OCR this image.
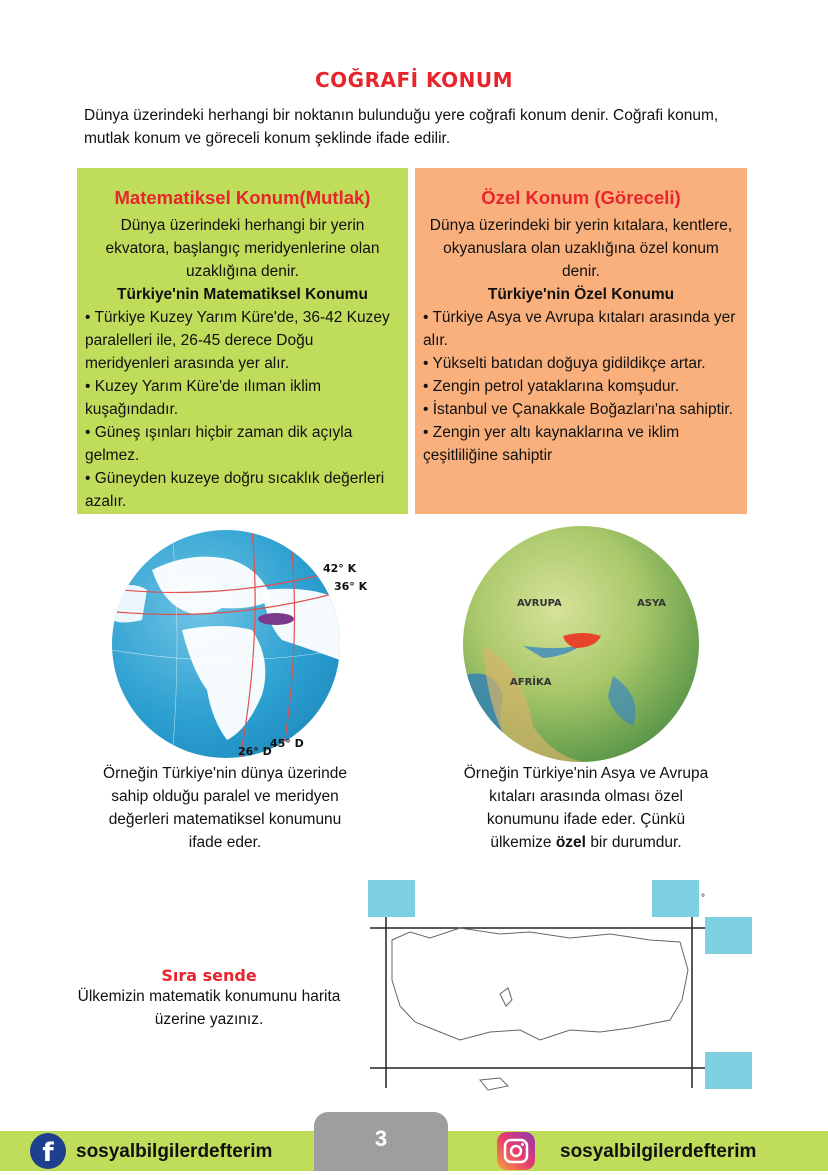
COĞRAFİ KONUM
Dünya üzerindeki herhangi bir noktanın bulunduğu yere coğrafi konum denir. Coğrafi konum, mutlak konum ve göreceli konum şeklinde ifade edilir.
Matematiksel Konum(Mutlak)

Dünya üzerindeki herhangi bir yerin ekvatora, başlangıç meridyenlerine olan uzaklığına denir.

Türkiye'nin Matematiksel Konumu

• Türkiye Kuzey Yarım Küre'de, 36-42 Kuzey paralelleri ile, 26-45 derece Doğu meridyenleri arasında yer alır.

• Kuzey Yarım Küre'de ılıman iklim kuşağındadır.

• Güneş ışınları hiçbir zaman dik açıyla gelmez.

• Güneyden kuzeye doğru sıcaklık değerleri azalır.

Özel Konum (Göreceli)

Dünya üzerindeki bir yerin kıtalara, kentlere, okyanuslara olan uzaklığına özel konum denir.

Türkiye'nin Özel Konumu

• Türkiye Asya ve Avrupa kıtaları arasında yer alır.

• Yükselti batıdan doğuya gidildikçe artar.

• Zengin petrol yataklarına komşudur.

• İstanbul ve Çanakkale Boğazları'na sahiptir.

• Zengin yer altı kaynaklarına ve iklim çeşitliliğine sahiptir

42° K
36° K
26° D
45° D
AVRUPA	ASYA
AFRİKA
Örneğin Türkiye'nin dünya üzerinde sahip olduğu paralel ve meridyen değerleri matematiksel konumunu ifade eder.
Örneğin Türkiye'nin Asya ve Avrupa kıtaları arasında olması özel konumunu ifade eder. Çünkü ülkemize özel bir durumdur.
Sıra sende
Ülkemizin matematik konumunu harita üzerine yazınız.
°
3
f	sosyalbilgilerdefterim	sosyalbilgilerdefterim
